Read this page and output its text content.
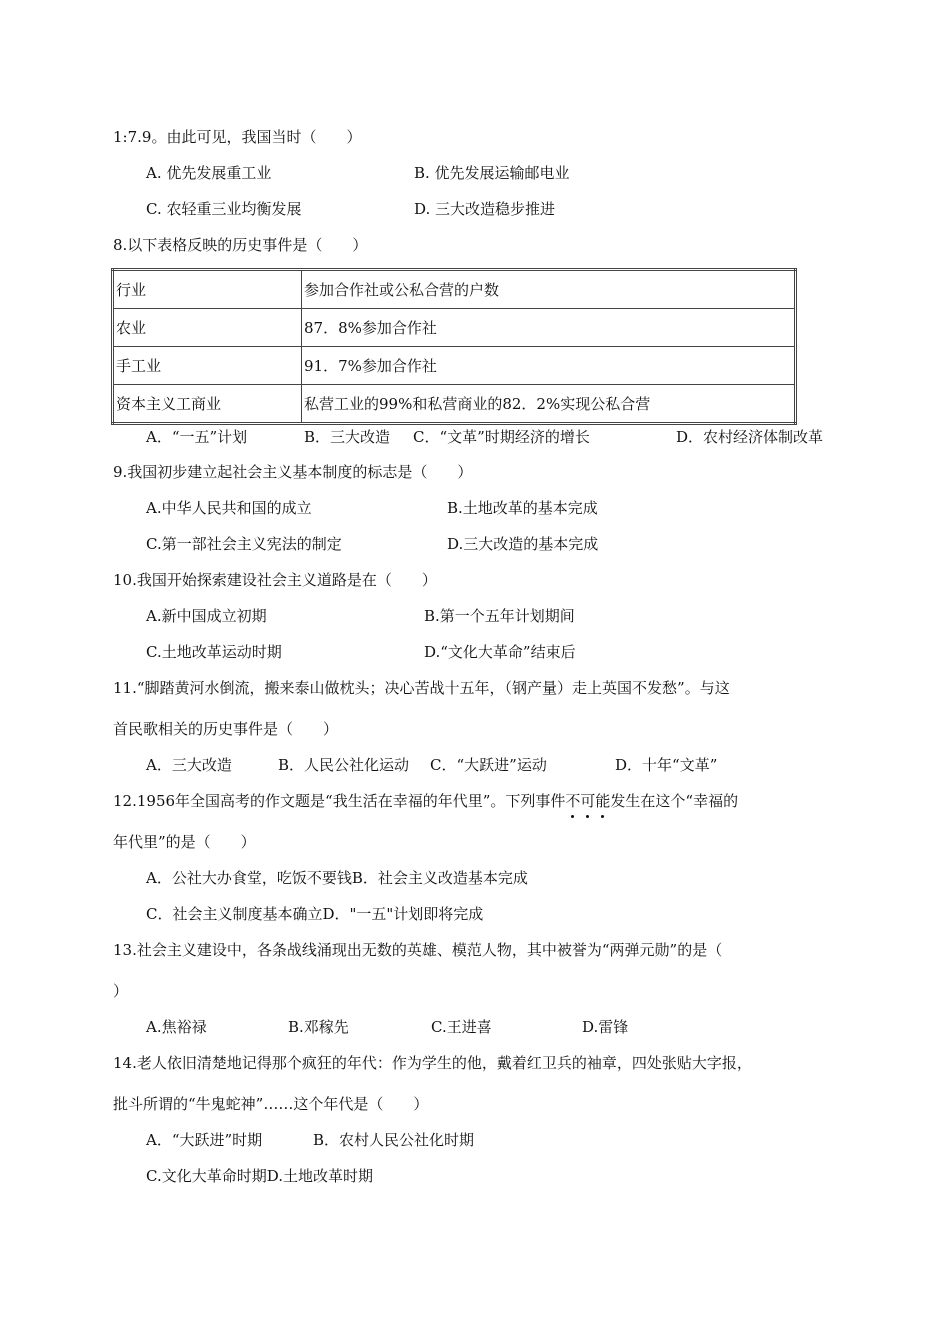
1:7.9。由此可见，我国当时（　　）
A. 优先发展重工业	B. 优先发展运输邮电业
C. 农轻重三业均衡发展	D. 三大改造稳步推进
8.以下表格反映的历史事件是（　　）
行业	参加合作社或公私合营的户数
农业	87．8%参加合作社
手工业	91．7%参加合作社
资本主义工商业	私营工业的99%和私营商业的82．2%实现公私合营
A．“一五”计划	B．三大改造 C．“文革”时期经济的增长	D．农村经济体制改革
9.我国初步建立起社会主义基本制度的标志是（　　）
A.中华人民共和国的成立	B.土地改革的基本完成
C.第一部社会主义宪法的制定	D.三大改造的基本完成
10.我国开始探索建设社会主义道路是在（　　）
A.新中国成立初期	B.第一个五年计划期间
C.土地改革运动时期	D.“文化大革命”结束后
11.“脚踏黄河水倒流，搬来泰山做枕头；决心苦战十五年，（钢产量）走上英国不发愁”。与这
首民歌相关的历史事件是（　　）
A．三大改造	B．人民公社化运动 C．“大跃进”运动	D．十年“文革”
12.1956年全国高考的作文题是“我生活在幸福的年代里”。下列事件不可能发生在这个“幸福的
年代里”的是（　　）
A．公社大办食堂，吃饭不要钱B．社会主义改造基本完成
C．社会主义制度基本确立D．"一五"计划即将完成
13.社会主义建设中，各条战线涌现出无数的英雄、模范人物，其中被誉为“两弹元勋”的是（
）
A.焦裕禄	B.邓稼先	C.王进喜	D.雷锋
14.老人依旧清楚地记得那个疯狂的年代：作为学生的他，戴着红卫兵的袖章，四处张贴大字报，
批斗所谓的“牛鬼蛇神”……这个年代是（　　）
A．“大跃进”时期	B．农村人民公社化时期
C.文化大革命时期D.土地改革时期
